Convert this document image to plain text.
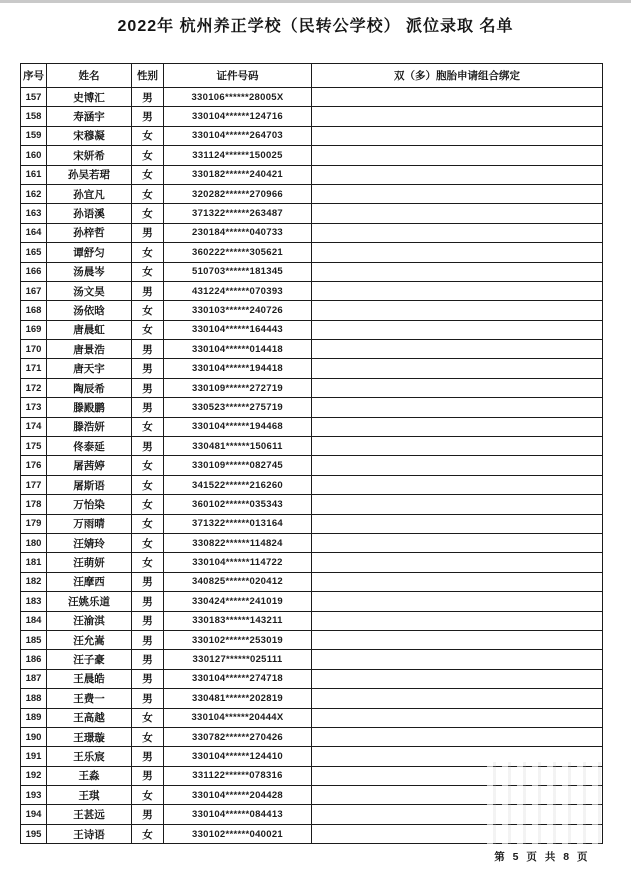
2022年 杭州养正学校（民转公学校） 派位录取 名单
序号	姓名	性别	证件号码	双（多）胞胎申请组合绑定
157	史博汇	男	330106******28005X	
158	寿涵宇	男	330104******124716	
159	宋穆凝	女	330104******264703	
160	宋妍希	女	331124******150025	
161	孙吴若珺	女	330182******240421	
162	孙宜凡	女	320282******270966	
163	孙语溪	女	371322******263487	
164	孙梓哲	男	230184******040733	
165	谭舒匀	女	360222******305621	
166	汤晨岑	女	510703******181345	
167	汤文昊	男	431224******070393	
168	汤依晗	女	330103******240726	
169	唐晨虹	女	330104******164443	
170	唐景浩	男	330104******014418	
171	唐天宇	男	330104******194418	
172	陶辰希	男	330109******272719	
173	滕殿鹏	男	330523******275719	
174	滕浩妍	女	330104******194468	
175	佟泰延	男	330481******150611	
176	屠茜婷	女	330109******082745	
177	屠斯语	女	341522******216260	
178	万怡染	女	360102******035343	
179	万雨晴	女	371322******013164	
180	汪婧玲	女	330822******114824	
181	汪萌妍	女	330104******114722	
182	汪摩西	男	340825******020412	
183	汪姚乐道	男	330424******241019	
184	汪渝淇	男	330183******143211	
185	汪允嵩	男	330102******253019	
186	汪子豪	男	330127******025111	
187	王晨皓	男	330104******274718	
188	王费一	男	330481******202819	
189	王高越	女	330104******20444X	
190	王璟璇	女	330782******270426	
191	王乐宸	男	330104******124410	
192	王淼	男	331122******078316	
193	王琪	女	330104******204428	
194	王甚远	男	330104******084413	
195	王诗语	女	330102******040021	
第 5 页 共 8 页
